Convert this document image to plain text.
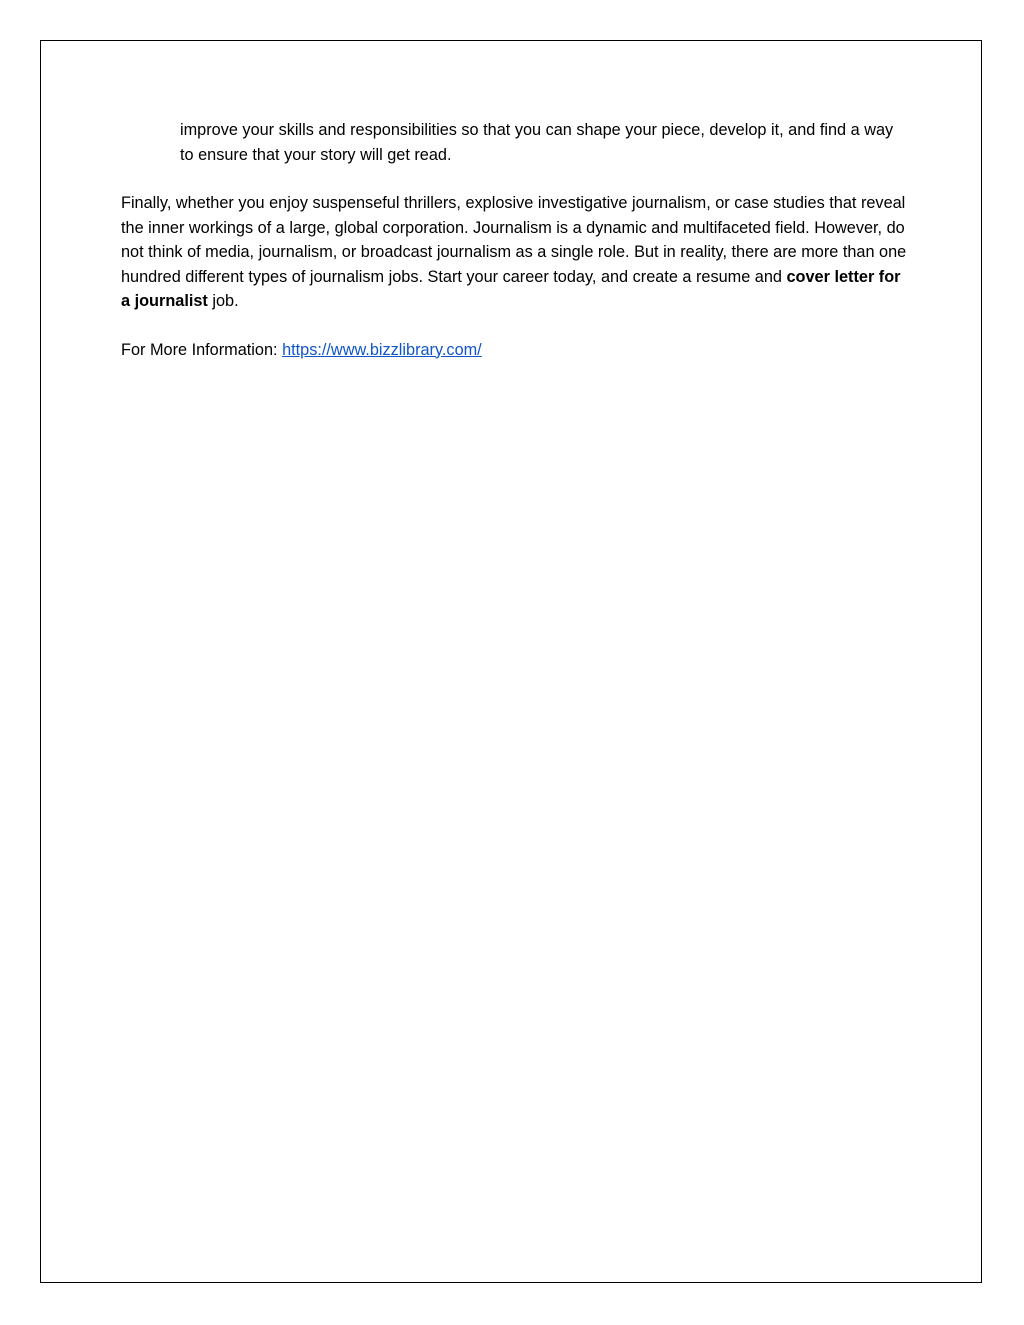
improve your skills and responsibilities so that you can shape your piece, develop it, and find a way to ensure that your story will get read.

Finally, whether you enjoy suspenseful thrillers, explosive investigative journalism, or case studies that reveal the inner workings of a large, global corporation. Journalism is a dynamic and multifaceted field. However, do not think of media, journalism, or broadcast journalism as a single role. But in reality, there are more than one hundred different types of journalism jobs. Start your career today, and create a resume and cover letter for a journalist job.

For More Information: https://www.bizzlibrary.com/
